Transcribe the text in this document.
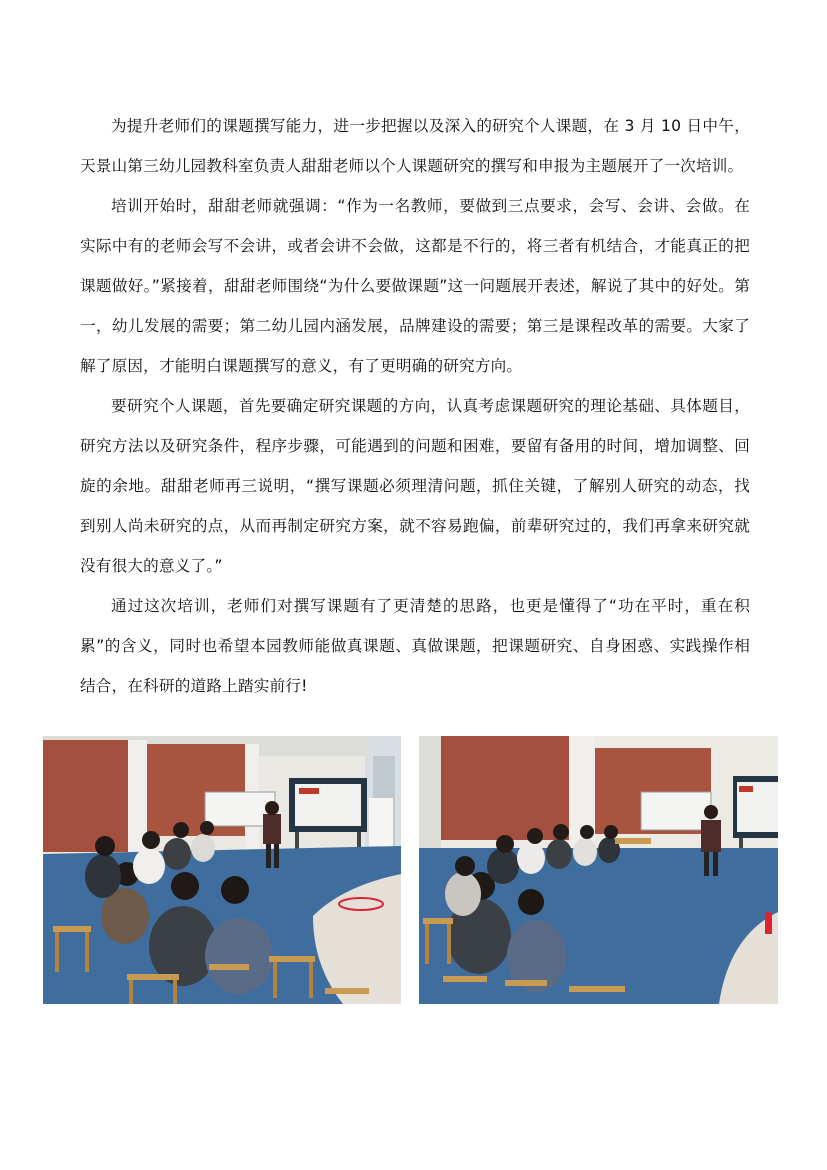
为提升老师们的课题撰写能力，进一步把握以及深入的研究个人课题，在 3 月 10 日中午，天景山第三幼儿园教科室负责人甜甜老师以个人课题研究的撰写和申报为主题展开了一次培训。

培训开始时，甜甜老师就强调：“作为一名教师，要做到三点要求，会写、会讲、会做。在实际中有的老师会写不会讲，或者会讲不会做，这都是不行的，将三者有机结合，才能真正的把课题做好。”紧接着，甜甜老师围绕“为什么要做课题”这一问题展开表述，解说了其中的好处。第一，幼儿发展的需要；第二幼儿园内涵发展，品牌建设的需要；第三是课程改革的需要。大家了解了原因，才能明白课题撰写的意义，有了更明确的研究方向。

要研究个人课题，首先要确定研究课题的方向，认真考虑课题研究的理论基础、具体题目，研究方法以及研究条件，程序步骤，可能遇到的问题和困难，要留有备用的时间，增加调整、回旋的余地。甜甜老师再三说明，“撰写课题必须理清问题，抓住关键，了解别人研究的动态，找到别人尚未研究的点，从而再制定研究方案，就不容易跑偏，前辈研究过的，我们再拿来研究就没有很大的意义了。”

通过这次培训，老师们对撰写课题有了更清楚的思路，也更是懂得了“功在平时，重在积累”的含义，同时也希望本园教师能做真课题、真做课题，把课题研究、自身困惑、实践操作相结合，在科研的道路上踏实前行!
